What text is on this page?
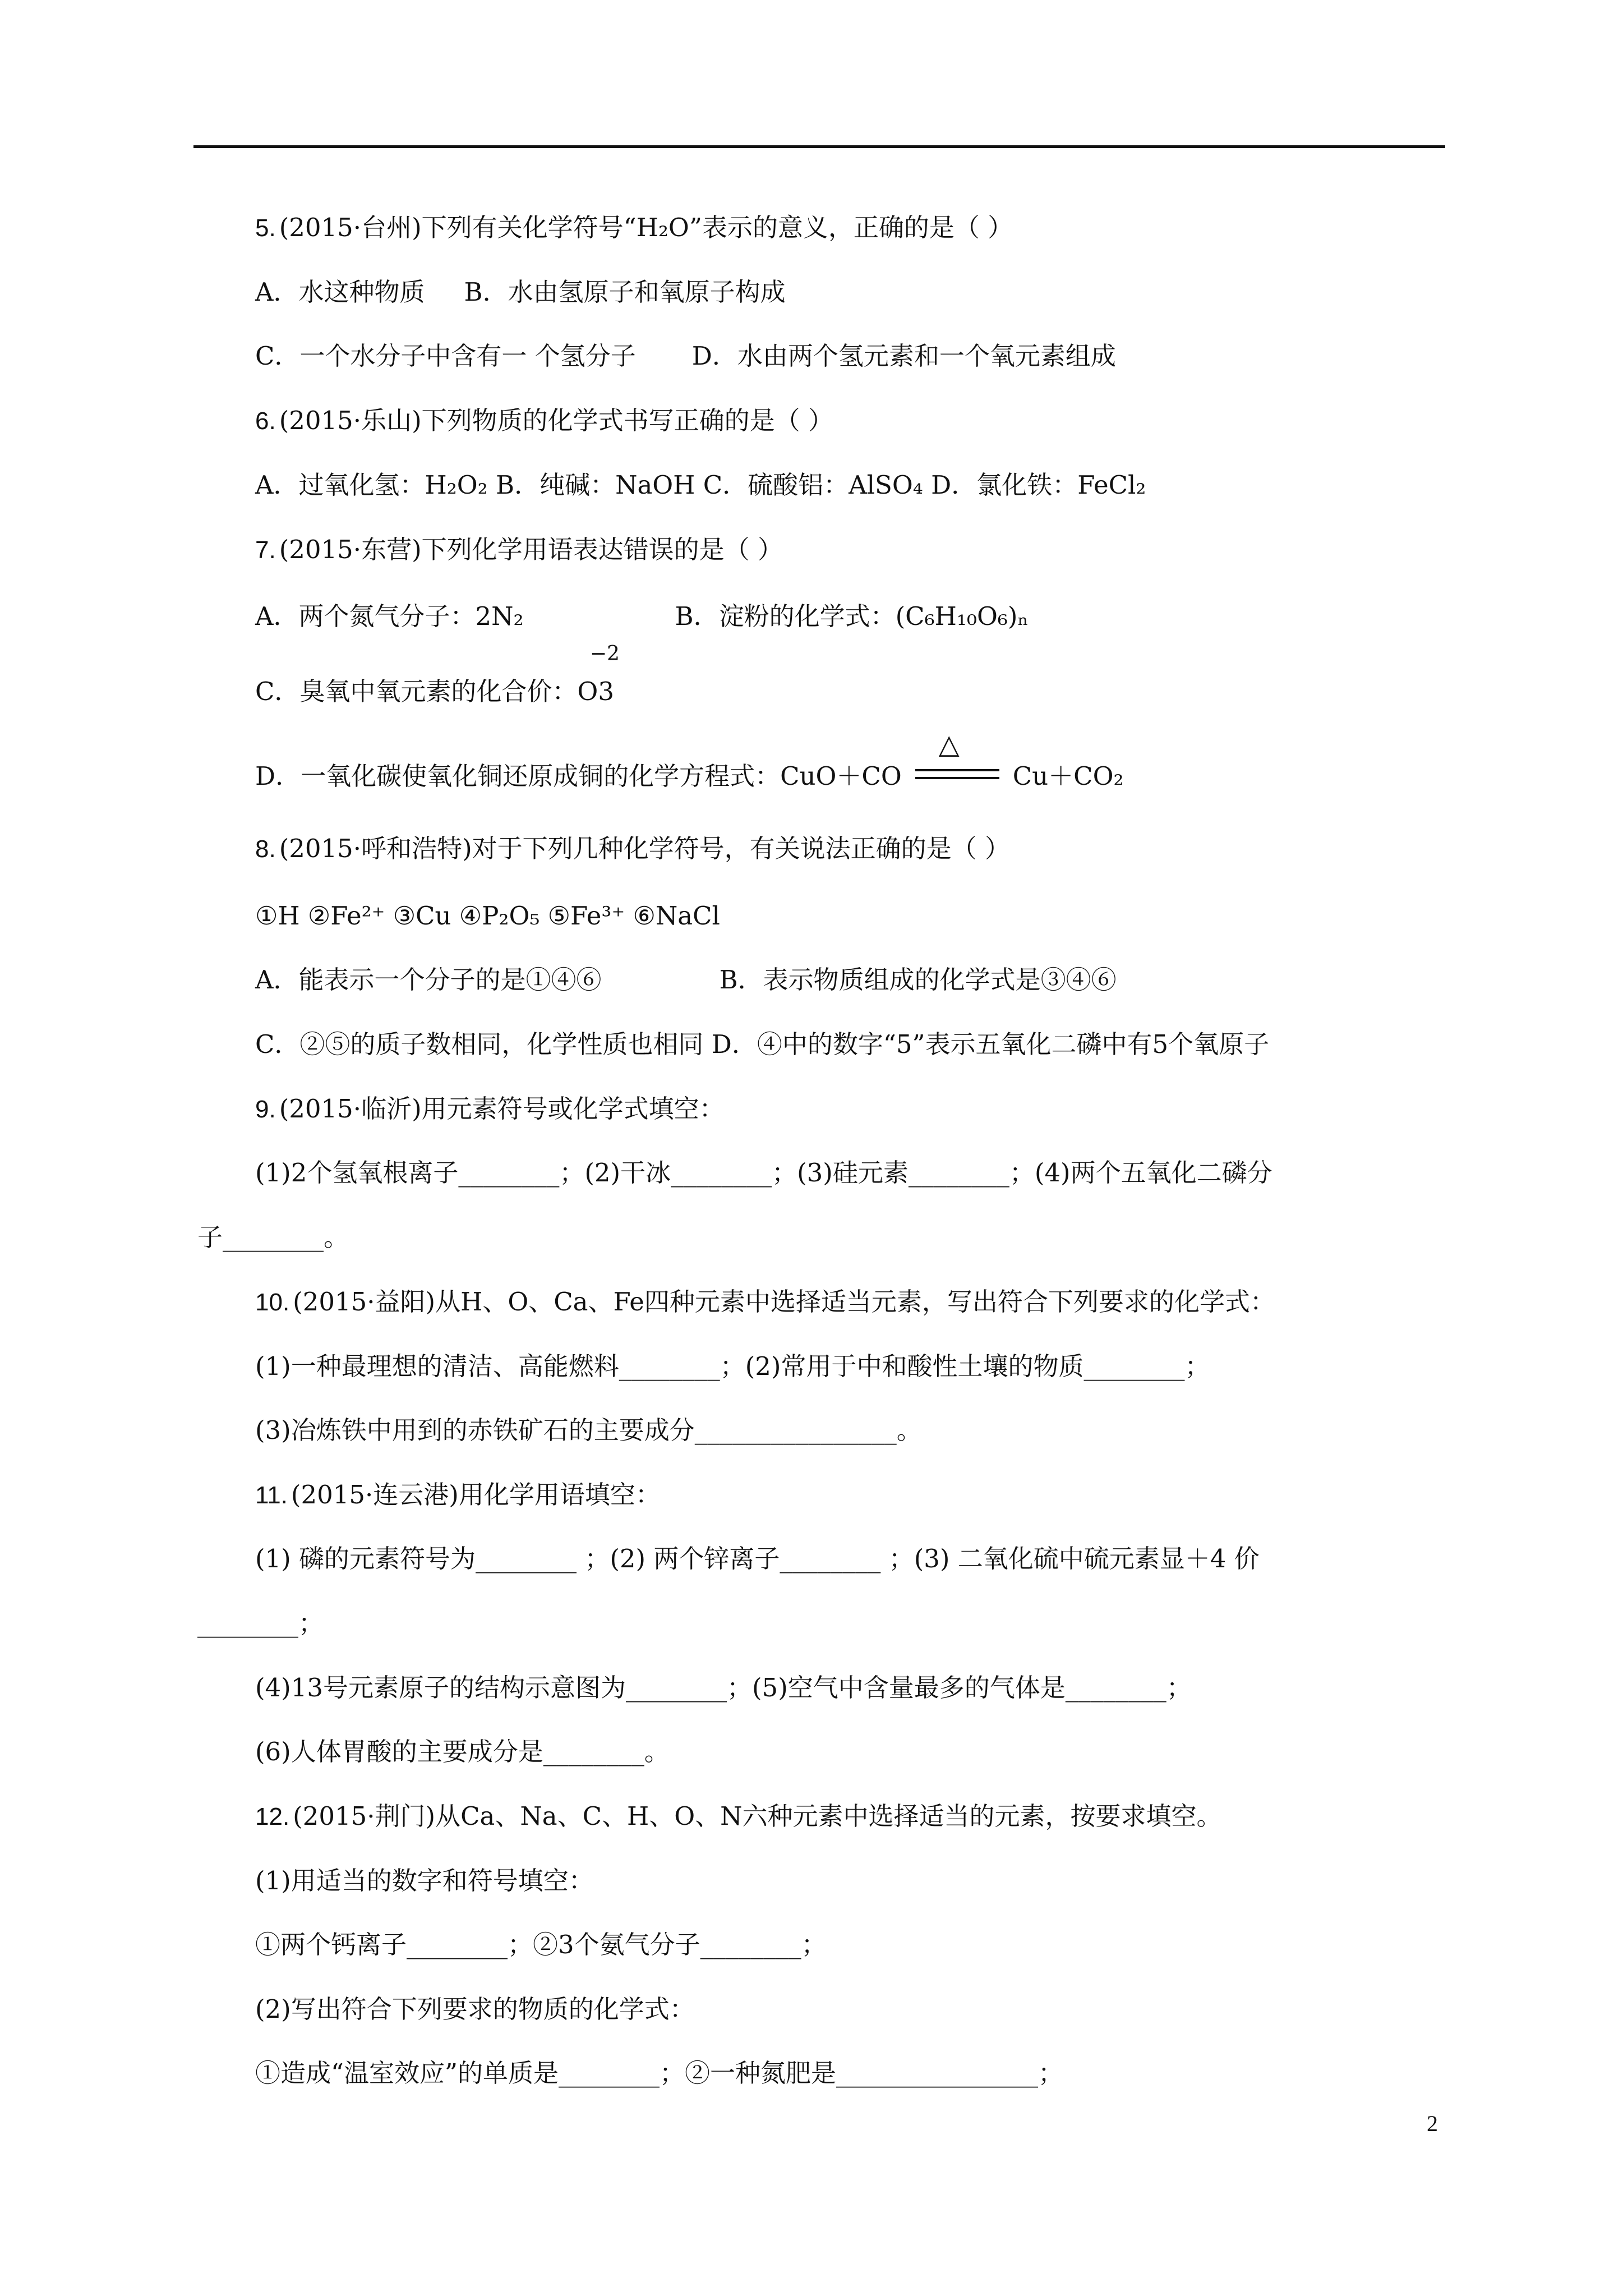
5. (2015·台州)下列有关化学符号“H₂O”表示的意义，正确的是（ ）
A．水这种物质 B．水由氢原子和氧原子构成
C．一个水分子中含有一 个氢分子 D．水由两个氢元素和一个氧元素组成
6. (2015·乐山)下列物质的化学式书写正确的是（ ）
A．过氧化氢：H₂O₂ B．纯碱：NaOH C．硫酸铝：AlSO₄ D．氯化铁：FeCl₂
7. (2015·东营)下列化学用语表达错误的是（ ）
A．两个氮气分子：2N₂	B．淀粉的化学式：(C₆H₁₀O₆)ₙ
C．臭氧中氧元素的化合价：O3
−2
D．一氧化碳使氧化铜还原成铜的化学方程式：CuO＋CO
△
Cu＋CO₂
8. (2015·呼和浩特)对于下列几种化学符号，有关说法正确的是（ ）
①H ②Fe²⁺ ③Cu ④P₂O₅ ⑤Fe³⁺ ⑥NaCl
A．能表示一个分子的是①④⑥	B．表示物质组成的化学式是③④⑥
C．②⑤的质子数相同，化学性质也相同 D．④中的数字“5”表示五氧化二磷中有5个氧原子
9. (2015·临沂)用元素符号或化学式填空：
(1)2个氢氧根离子________；(2)干冰________；(3)硅元素________；(4)两个五氧化二磷分
子________。
10. (2015·益阳)从H、O、Ca、Fe四种元素中选择适当元素，写出符合下列要求的化学式：
(1)一种最理想的清洁、高能燃料________；(2)常用于中和酸性土壤的物质________；
(3)冶炼铁中用到的赤铁矿石的主要成分________________。
11. (2015·连云港)用化学用语填空：
(1) 磷的元素符号为________ ；(2) 两个锌离子________ ；(3) 二氧化硫中硫元素显＋4 价
________；
(4)13号元素原子的结构示意图为________；(5)空气中含量最多的气体是________；
(6)人体胃酸的主要成分是________。
12. (2015·荆门)从Ca、Na、C、H、O、N六种元素中选择适当的元素，按要求填空。
(1)用适当的数字和符号填空：
①两个钙离子________；②3个氨气分子________；
(2)写出符合下列要求的物质的化学式：
①造成“温室效应”的单质是________；②一种氮肥是________________；
2
